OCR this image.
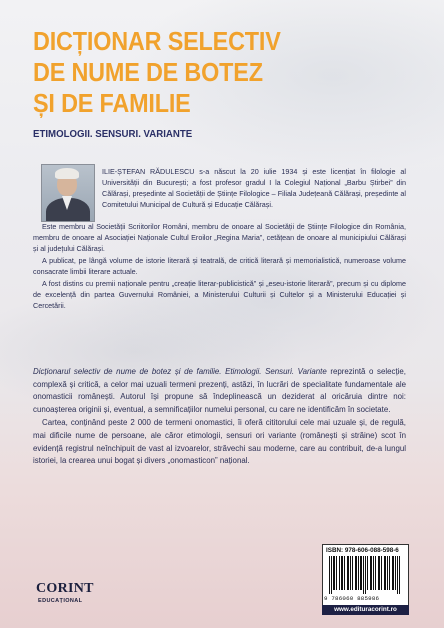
DICȚIONAR SELECTIV
DE NUME DE BOTEZ
ȘI DE FAMILIE
ETIMOLOGII. SENSURI. VARIANTE

ILIE-ȘTEFAN RĂDULESCU s-a născut la 20 iulie 1934 și este licențiat în filologie al Universității din București; a fost profesor gradul I la Colegiul Național „Barbu Știrbei” din Călărași, președinte al Societății de Științe Filologice – Filiala Județeană Călărași, președinte al Comitetului Municipal de Cultură și Educație Călărași.

Este membru al Societății Scriitorilor Români, membru de onoare al Societății de Științe Filologice din România, membru de onoare al Asociației Naționale Cultul Eroilor „Regina Maria”, cetățean de onoare al municipiului Călărași și al județului Călărași.

A publicat, pe lângă volume de istorie literară și teatrală, de critică literară și memorialistică, numeroase volume consacrate limbii literare actuale.

A fost distins cu premii naționale pentru „creație literar-publicistică” și „eseu-istorie literară”, precum și cu diplome de excelență din partea Guvernului României, a Ministerului Culturii și Cultelor și a Ministerului Educației și Cercetării.

Dicționarul selectiv de nume de botez și de familie. Etimologii. Sensuri. Variante reprezintă o selecție, complexă și critică, a celor mai uzuali termeni prezenți, astăzi, în lucrări de specialitate fundamentale ale onomasticii românești. Autorul își propune să îndeplinească un deziderat al oricăruia dintre noi: cunoașterea originii și, eventual, a semnificațiilor numelui personal, cu care ne identificăm în societate.

Cartea, conținând peste 2 000 de termeni onomastici, îi oferă cititorului cele mai uzuale și, de regulă, mai dificile nume de persoane, ale căror etimologii, sensuri ori variante (românești și străine) scot în evidență registrul neînchipuit de vast al izvoarelor, străvechi sau moderne, care au contribuit, de-a lungul istoriei, la crearea unui bogat și divers „onomasticon” național.

CORINT
EDUCAȚIONAL
ISBN: 978-606-088-598-6
9 786060 885986
www.edituracorint.ro
